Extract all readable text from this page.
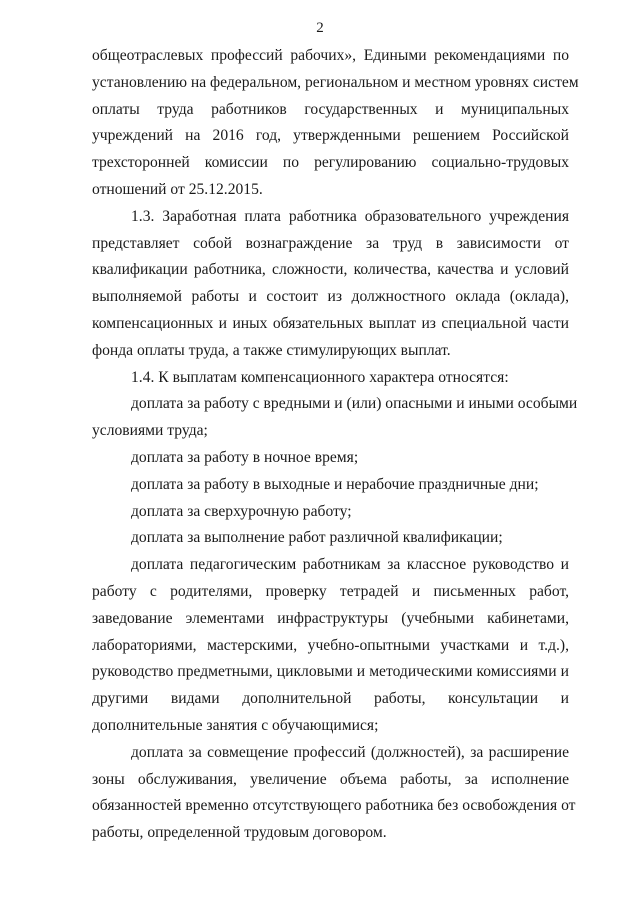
2
общеотраслевых профессий рабочих», Едиными рекомендациями по
установлению на федеральном, региональном и местном уровнях систем
оплаты труда работников государственных и муниципальных
учреждений на 2016 год, утвержденными решением Российской
трехсторонней комиссии по регулированию социально-трудовых
отношений от 25.12.2015.
1.3. Заработная плата работника образовательного учреждения
представляет собой вознаграждение за труд в зависимости от
квалификации работника, сложности, количества, качества и условий
выполняемой работы и состоит из должностного оклада (оклада),
компенсационных и иных обязательных выплат из специальной части
фонда оплаты труда, а также стимулирующих выплат.
1.4. К выплатам компенсационного характера относятся:
доплата за работу с вредными и (или) опасными и иными особыми
условиями труда;
доплата за работу в ночное время;
доплата за работу в выходные и нерабочие праздничные дни;
доплата за сверхурочную работу;
доплата за выполнение работ различной квалификации;
доплата педагогическим работникам за классное руководство и
работу с родителями, проверку тетрадей и письменных работ,
заведование элементами инфраструктуры (учебными кабинетами,
лабораториями, мастерскими, учебно-опытными участками и т.д.),
руководство предметными, цикловыми и методическими комиссиями и
другими видами дополнительной работы, консультации и
дополнительные занятия с обучающимися;
доплата за совмещение профессий (должностей), за расширение
зоны обслуживания, увеличение объема работы, за исполнение
обязанностей временно отсутствующего работника без освобождения от
работы, определенной трудовым договором.
